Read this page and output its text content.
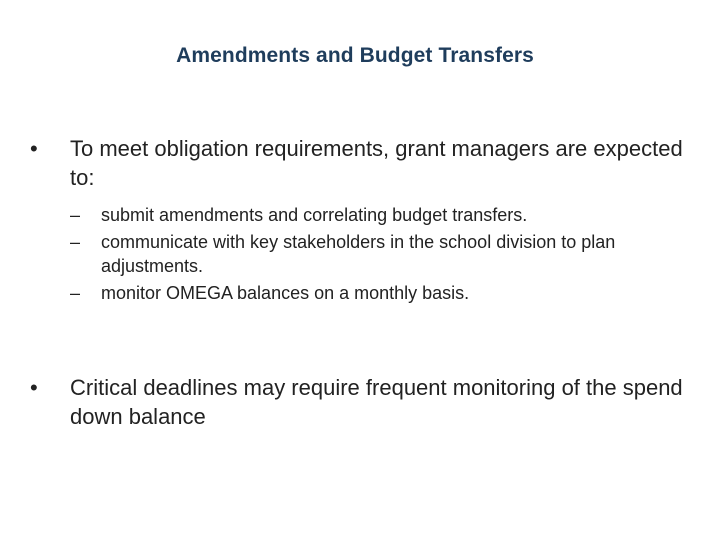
Amendments and Budget Transfers
•	To meet obligation requirements, grant managers are expected to:
– submit amendments and correlating budget transfers.
– communicate with key stakeholders in the school division to plan adjustments.
– monitor OMEGA balances on a monthly basis.
•	Critical deadlines may require frequent monitoring of the spend down balance
